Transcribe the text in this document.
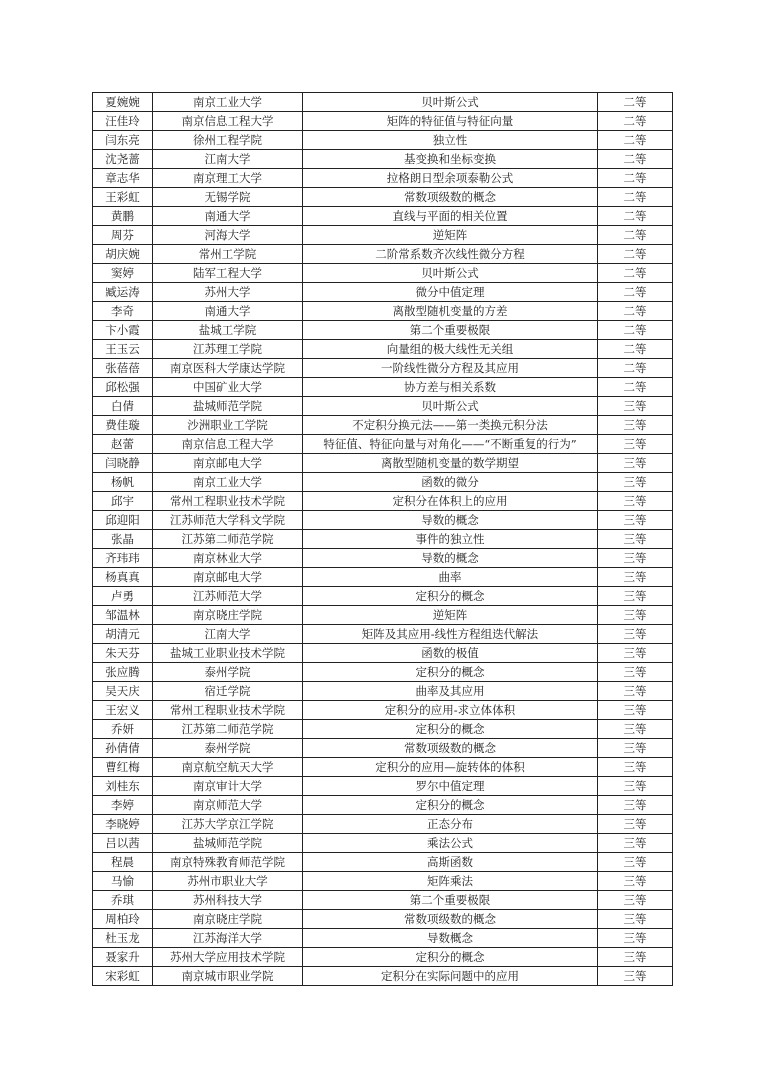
夏婉婉	南京工业大学	贝叶斯公式	二等
汪佳玲	南京信息工程大学	矩阵的特征值与特征向量	二等
闫东亮	徐州工程学院	独立性	二等
沈尧蔷	江南大学	基变换和坐标变换	二等
章志华	南京理工大学	拉格朗日型余项泰勒公式	二等
王彩虹	无锡学院	常数项级数的概念	二等
黄鹏	南通大学	直线与平面的相关位置	二等
周芬	河海大学	逆矩阵	二等
胡庆婉	常州工学院	二阶常系数齐次线性微分方程	二等
窦婷	陆军工程大学	贝叶斯公式	二等
臧运涛	苏州大学	微分中值定理	二等
李奇	南通大学	离散型随机变量的方差	二等
卞小霞	盐城工学院	第二个重要极限	二等
王玉云	江苏理工学院	向量组的极大线性无关组	二等
张蓓蓓	南京医科大学康达学院	一阶线性微分方程及其应用	二等
邱松强	中国矿业大学	协方差与相关系数	二等
白倩	盐城师范学院	贝叶斯公式	三等
费佳璇	沙洲职业工学院	不定积分换元法——第一类换元积分法	三等
赵蕾	南京信息工程大学	特征值、特征向量与对角化——“不断重复的行为”	三等
闫晓静	南京邮电大学	离散型随机变量的数学期望	三等
杨帆	南京工业大学	函数的微分	三等
邱宇	常州工程职业技术学院	定积分在体积上的应用	三等
邱迎阳	江苏师范大学科文学院	导数的概念	三等
张晶	江苏第二师范学院	事件的独立性	三等
齐玮玮	南京林业大学	导数的概念	三等
杨真真	南京邮电大学	曲率	三等
卢勇	江苏师范大学	定积分的概念	三等
邹温林	南京晓庄学院	逆矩阵	三等
胡清元	江南大学	矩阵及其应用-线性方程组迭代解法	三等
朱天芬	盐城工业职业技术学院	函数的极值	三等
张应腾	泰州学院	定积分的概念	三等
吴天庆	宿迁学院	曲率及其应用	三等
王宏义	常州工程职业技术学院	定积分的应用-求立体体积	三等
乔妍	江苏第二师范学院	定积分的概念	三等
孙倩倩	泰州学院	常数项级数的概念	三等
曹红梅	南京航空航天大学	定积分的应用—旋转体的体积	三等
刘桂东	南京审计大学	罗尔中值定理	三等
李婷	南京师范大学	定积分的概念	三等
李晓婷	江苏大学京江学院	正态分布	三等
吕以茜	盐城师范学院	乘法公式	三等
程晨	南京特殊教育师范学院	高斯函数	三等
马愉	苏州市职业大学	矩阵乘法	三等
乔琪	苏州科技大学	第二个重要极限	三等
周柏玲	南京晓庄学院	常数项级数的概念	三等
杜玉龙	江苏海洋大学	导数概念	三等
聂家升	苏州大学应用技术学院	定积分的概念	三等
宋彩虹	南京城市职业学院	定积分在实际问题中的应用	三等
